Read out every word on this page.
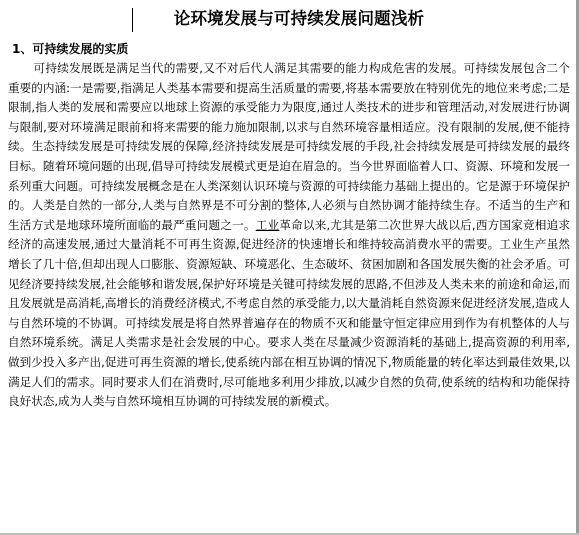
论环境发展与可持续发展问题浅析
1、可持续发展的实质

可持续发展既是满足当代的需要,又不对后代人满足其需要的能力构成危害的发展。可持续发展包含二个重要的内涵:一是需要,指满足人类基本需要和提高生活质量的需要,将基本需要放在特别优先的地位来考虑;二是限制,指人类的发展和需要应以地球上资源的承受能力为限度,通过人类技术的进步和管理活动,对发展进行协调与限制,要对环境满足眼前和将来需要的能力施加限制,以求与自然环境容量相适应。没有限制的发展,便不能持续。生态持续发展是可持续发展的保障,经济持续发展是可持续发展的手段,社会持续发展是可持续发展的最终目标。随着环境问题的出现,倡导可持续发展模式更是迫在眉急的。当今世界面临着人口、资源、环境和发展一系列重大问题。可持续发展概念是在人类深刻认识环境与资源的可持续能力基础上提出的。它是源于环境保护的。人类是自然的一部分,人类与自然界是不可分割的整体,人必须与自然协调才能持续生存。不适当的生产和生活方式是地球环境所面临的最严重问题之一。工业革命以来,尤其是第二次世界大战以后,西方国家竞相追求经济的高速发展,通过大量消耗不可再生资源,促进经济的快速增长和维持较高消费水平的需要。工业生产虽然增长了几十倍,但却出现人口膨胀、资源短缺、环境恶化、生态破坏、贫困加剧和各国发展失衡的社会矛盾。可见经济要持续发展,社会能够和谐发展,保护好环境是关键可持续发展的思路,不但涉及人类未来的前途和命运,而且发展就是高消耗,高增长的消费经济模式,不考虑自然的承受能力,以大量消耗自然资源来促进经济发展,造成人与自然环境的不协调。可持续发展是将自然界普遍存在的物质不灭和能量守恒定律应用到作为有机整体的人与自然环境系统。满足人类需求是社会发展的中心。要求人类在尽量减少资源消耗的基础上,提高资源的利用率,做到少投入多产出,促进可再生资源的增长,使系统内部在相互协调的情况下,物质能量的转化率达到最佳效果,以满足人们的需求。同时要求人们在消费时,尽可能地多利用少排放,以减少自然的负荷,使系统的结构和功能保持良好状态,成为人类与自然环境相互协调的可持续发展的新模式。
